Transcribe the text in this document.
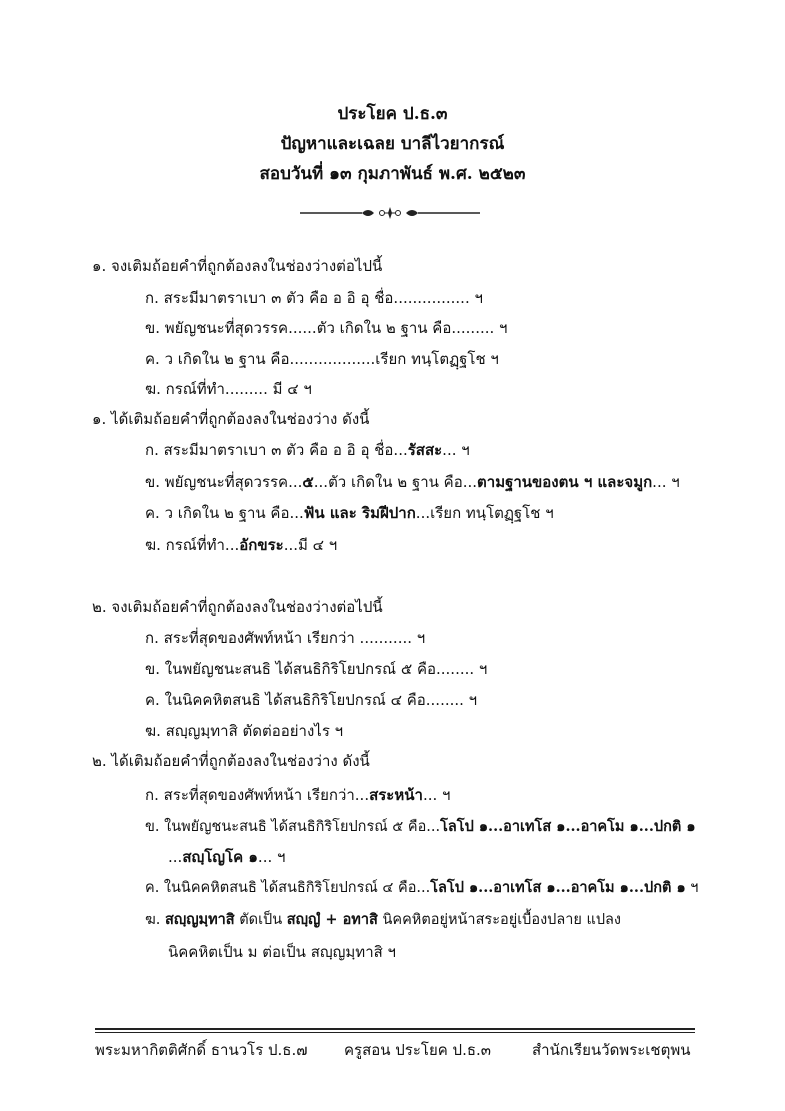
ประโยค ป.ธ.๓
ปัญหาและเฉลย บาลีไวยากรณ์
สอบวันที่ ๑๓ กุมภาพันธ์ พ.ศ. ๒๕๒๓
๑. จงเติมถ้อยคำที่ถูกต้องลงในช่องว่างต่อไปนี้
ก. สระมีมาตราเบา ๓ ตัว คือ อ อิ อุ ชื่อ................ ฯ
ข. พยัญชนะที่สุดวรรค......ตัว เกิดใน ๒ ฐาน คือ......... ฯ
ค. ว เกิดใน ๒ ฐาน คือ..................เรียก ทนฺโตฏฺฐโช ฯ
ฆ. กรณ์ที่ทำ......... มี ๔ ฯ
๑. ได้เติมถ้อยคำที่ถูกต้องลงในช่องว่าง ดังนี้
ก. สระมีมาตราเบา ๓ ตัว คือ อ อิ อุ ชื่อ...รัสสะ... ฯ
ข. พยัญชนะที่สุดวรรค...๕...ตัว เกิดใน ๒ ฐาน คือ...ตามฐานของตน ฯ และจมูก... ฯ
ค. ว เกิดใน ๒ ฐาน คือ...ฟัน และ ริมฝีปาก...เรียก ทนฺโตฏฺฐโช ฯ
ฆ. กรณ์ที่ทำ...อักขระ...มี ๔ ฯ
๒. จงเติมถ้อยคำที่ถูกต้องลงในช่องว่างต่อไปนี้
ก. สระที่สุดของศัพท์หน้า เรียกว่า ........... ฯ
ข. ในพยัญชนะสนธิ ได้สนธิกิริโยปกรณ์ ๕ คือ........ ฯ
ค. ในนิคคหิตสนธิ ได้สนธิกิริโยปกรณ์ ๔ คือ........ ฯ
ฆ. สญฺญมฺทาสิ ตัดต่ออย่างไร ฯ
๒. ได้เติมถ้อยคำที่ถูกต้องลงในช่องว่าง ดังนี้
ก. สระที่สุดของศัพท์หน้า เรียกว่า...สระหน้า... ฯ
ข. ในพยัญชนะสนธิ ได้สนธิกิริโยปกรณ์ ๕ คือ...โลโป ๑...อาเทโส ๑...อาคโม ๑...ปกติ ๑
...สญฺโญโค ๑... ฯ
ค. ในนิคคหิตสนธิ ได้สนธิกิริโยปกรณ์ ๔ คือ...โลโป ๑...อาเทโส ๑...อาคโม ๑...ปกติ ๑ ฯ
ฆ. สญฺญมฺทาสิ ตัดเป็น สญฺญํ + อทาสิ นิคคหิตอยู่หน้าสระอยู่เบื้องปลาย แปลง
นิคคหิตเป็น ม ต่อเป็น สญฺญมฺทาสิ ฯ
พระมหากิตติศักดิ์ ธานวโร ป.ธ.๗ ครูสอน ประโยค ป.ธ.๓	สำนักเรียนวัดพระเชตุพน
